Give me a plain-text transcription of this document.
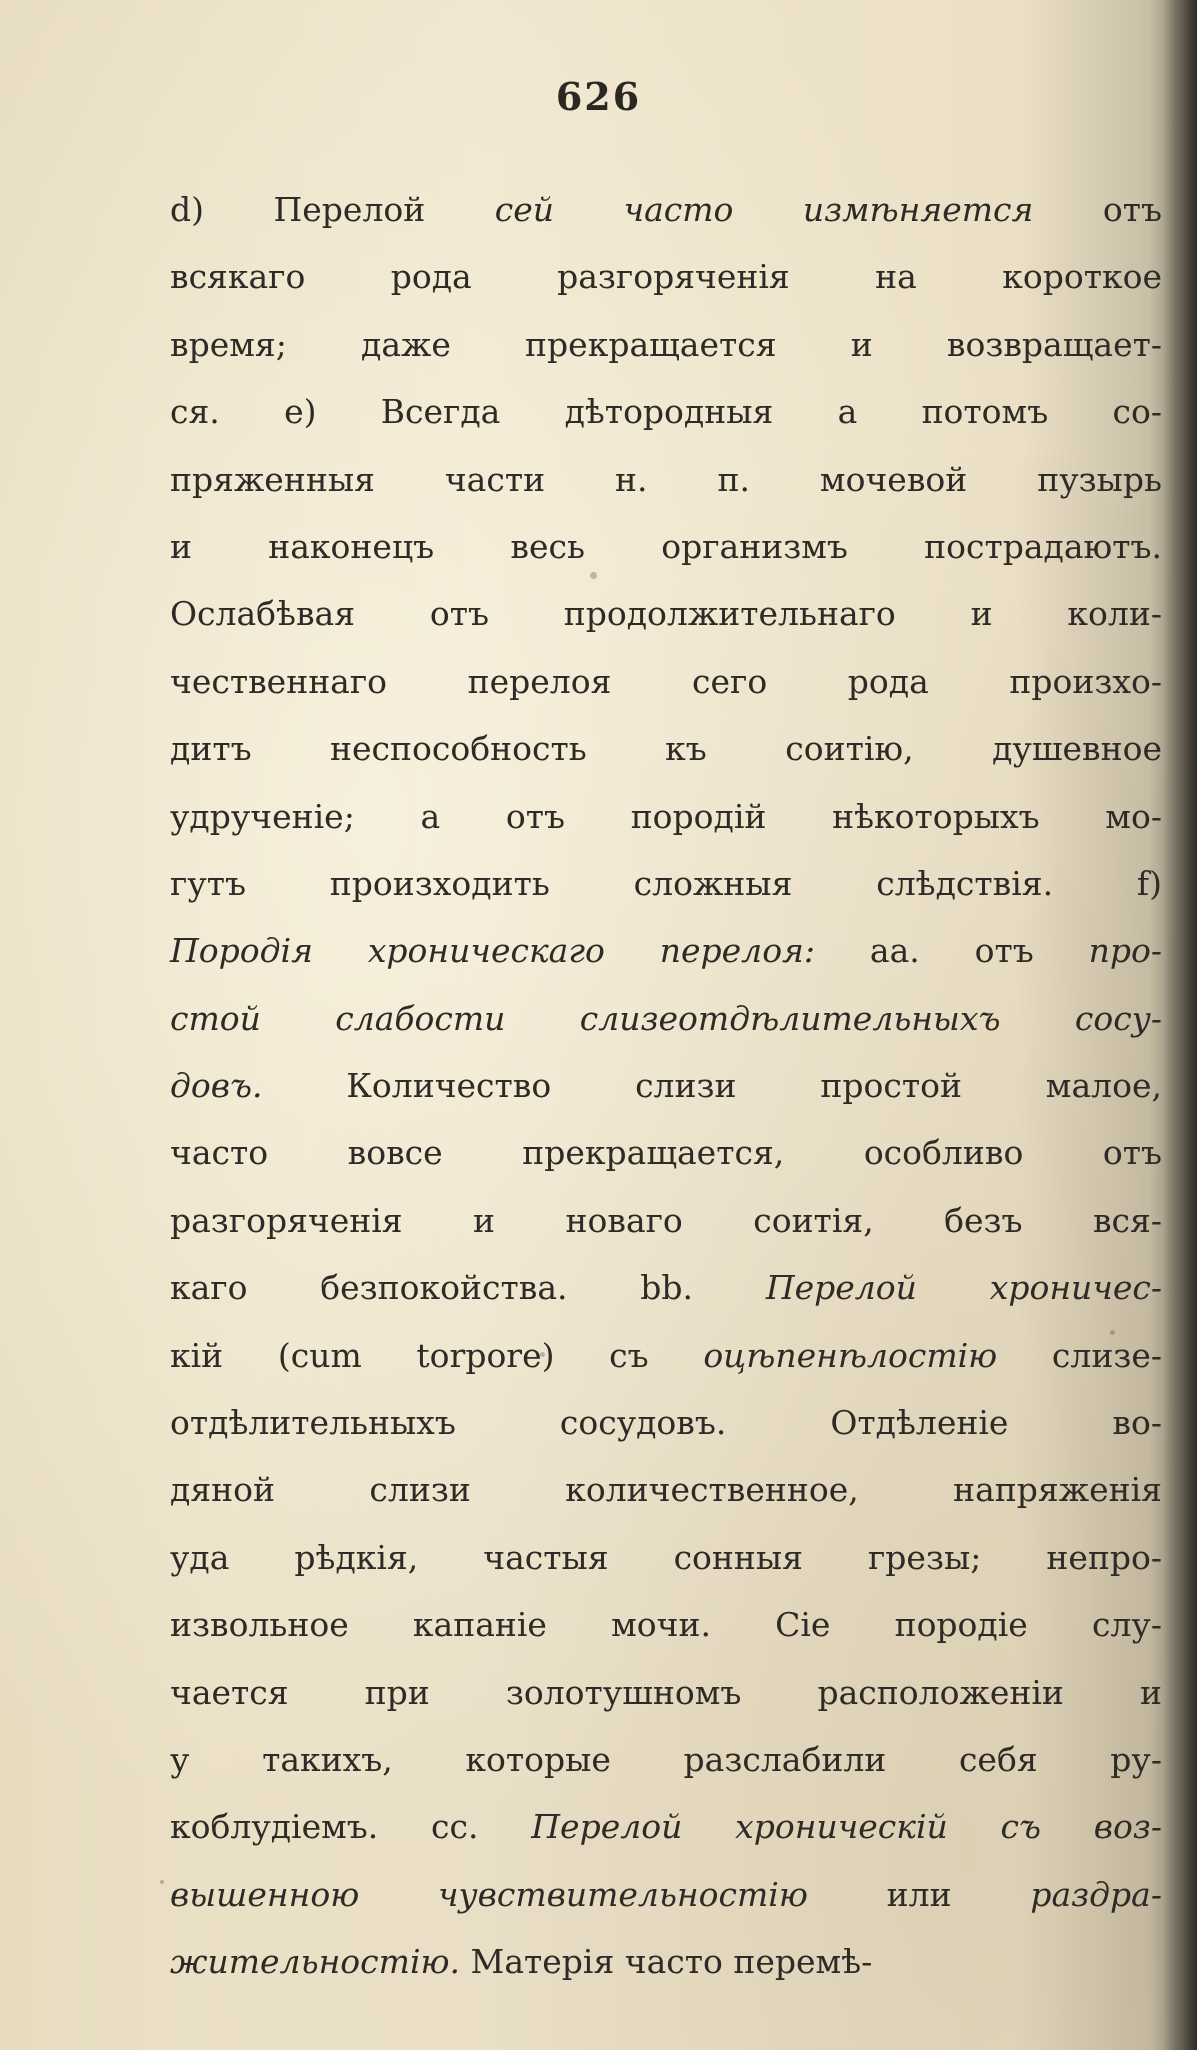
626
d) Перелой сей часто измѣняется отъ
всякаго рода разгоряченія на короткое
время; даже прекращается и возвращает-
ся. е) Всегда дѣтородныя а потомъ со-
пряженныя части н. п. мочевой пузырь
и наконецъ весь организмъ пострадаютъ.
Ослабѣвая отъ продолжительнаго и коли-
чественнаго перелоя сего рода произхо-
дитъ неспособность къ соитію, душевное
удрученіе; а отъ породій нѣкоторыхъ мо-
гутъ произходить сложныя слѣдствія. f)
Породія хроническаго перелоя: аа. отъ про-
стой слабости слизеотдѣлительныхъ сосу-
довъ. Количество слизи простой малое,
часто вовсе прекращается, особливо отъ
разгоряченія и новаго соитія, безъ вся-
каго безпокойства. bb. Перелой хроничес-
кій (cum torpore) съ оцѣпенѣлостію слизе-
отдѣлительныхъ сосудовъ. Отдѣленіе во-
дяной слизи количественное, напряженія
уда рѣдкія, частыя сонныя грезы; непро-
извольное капаніе мочи. Сіе породіе слу-
чается при золотушномъ расположеніи и
у такихъ, которые разслабили себя ру-
коблудіемъ. сс. Перелой хроническій съ воз-
вышенною чувствительностію или раздра-
жительностію. Матерія часто перемѣ-
